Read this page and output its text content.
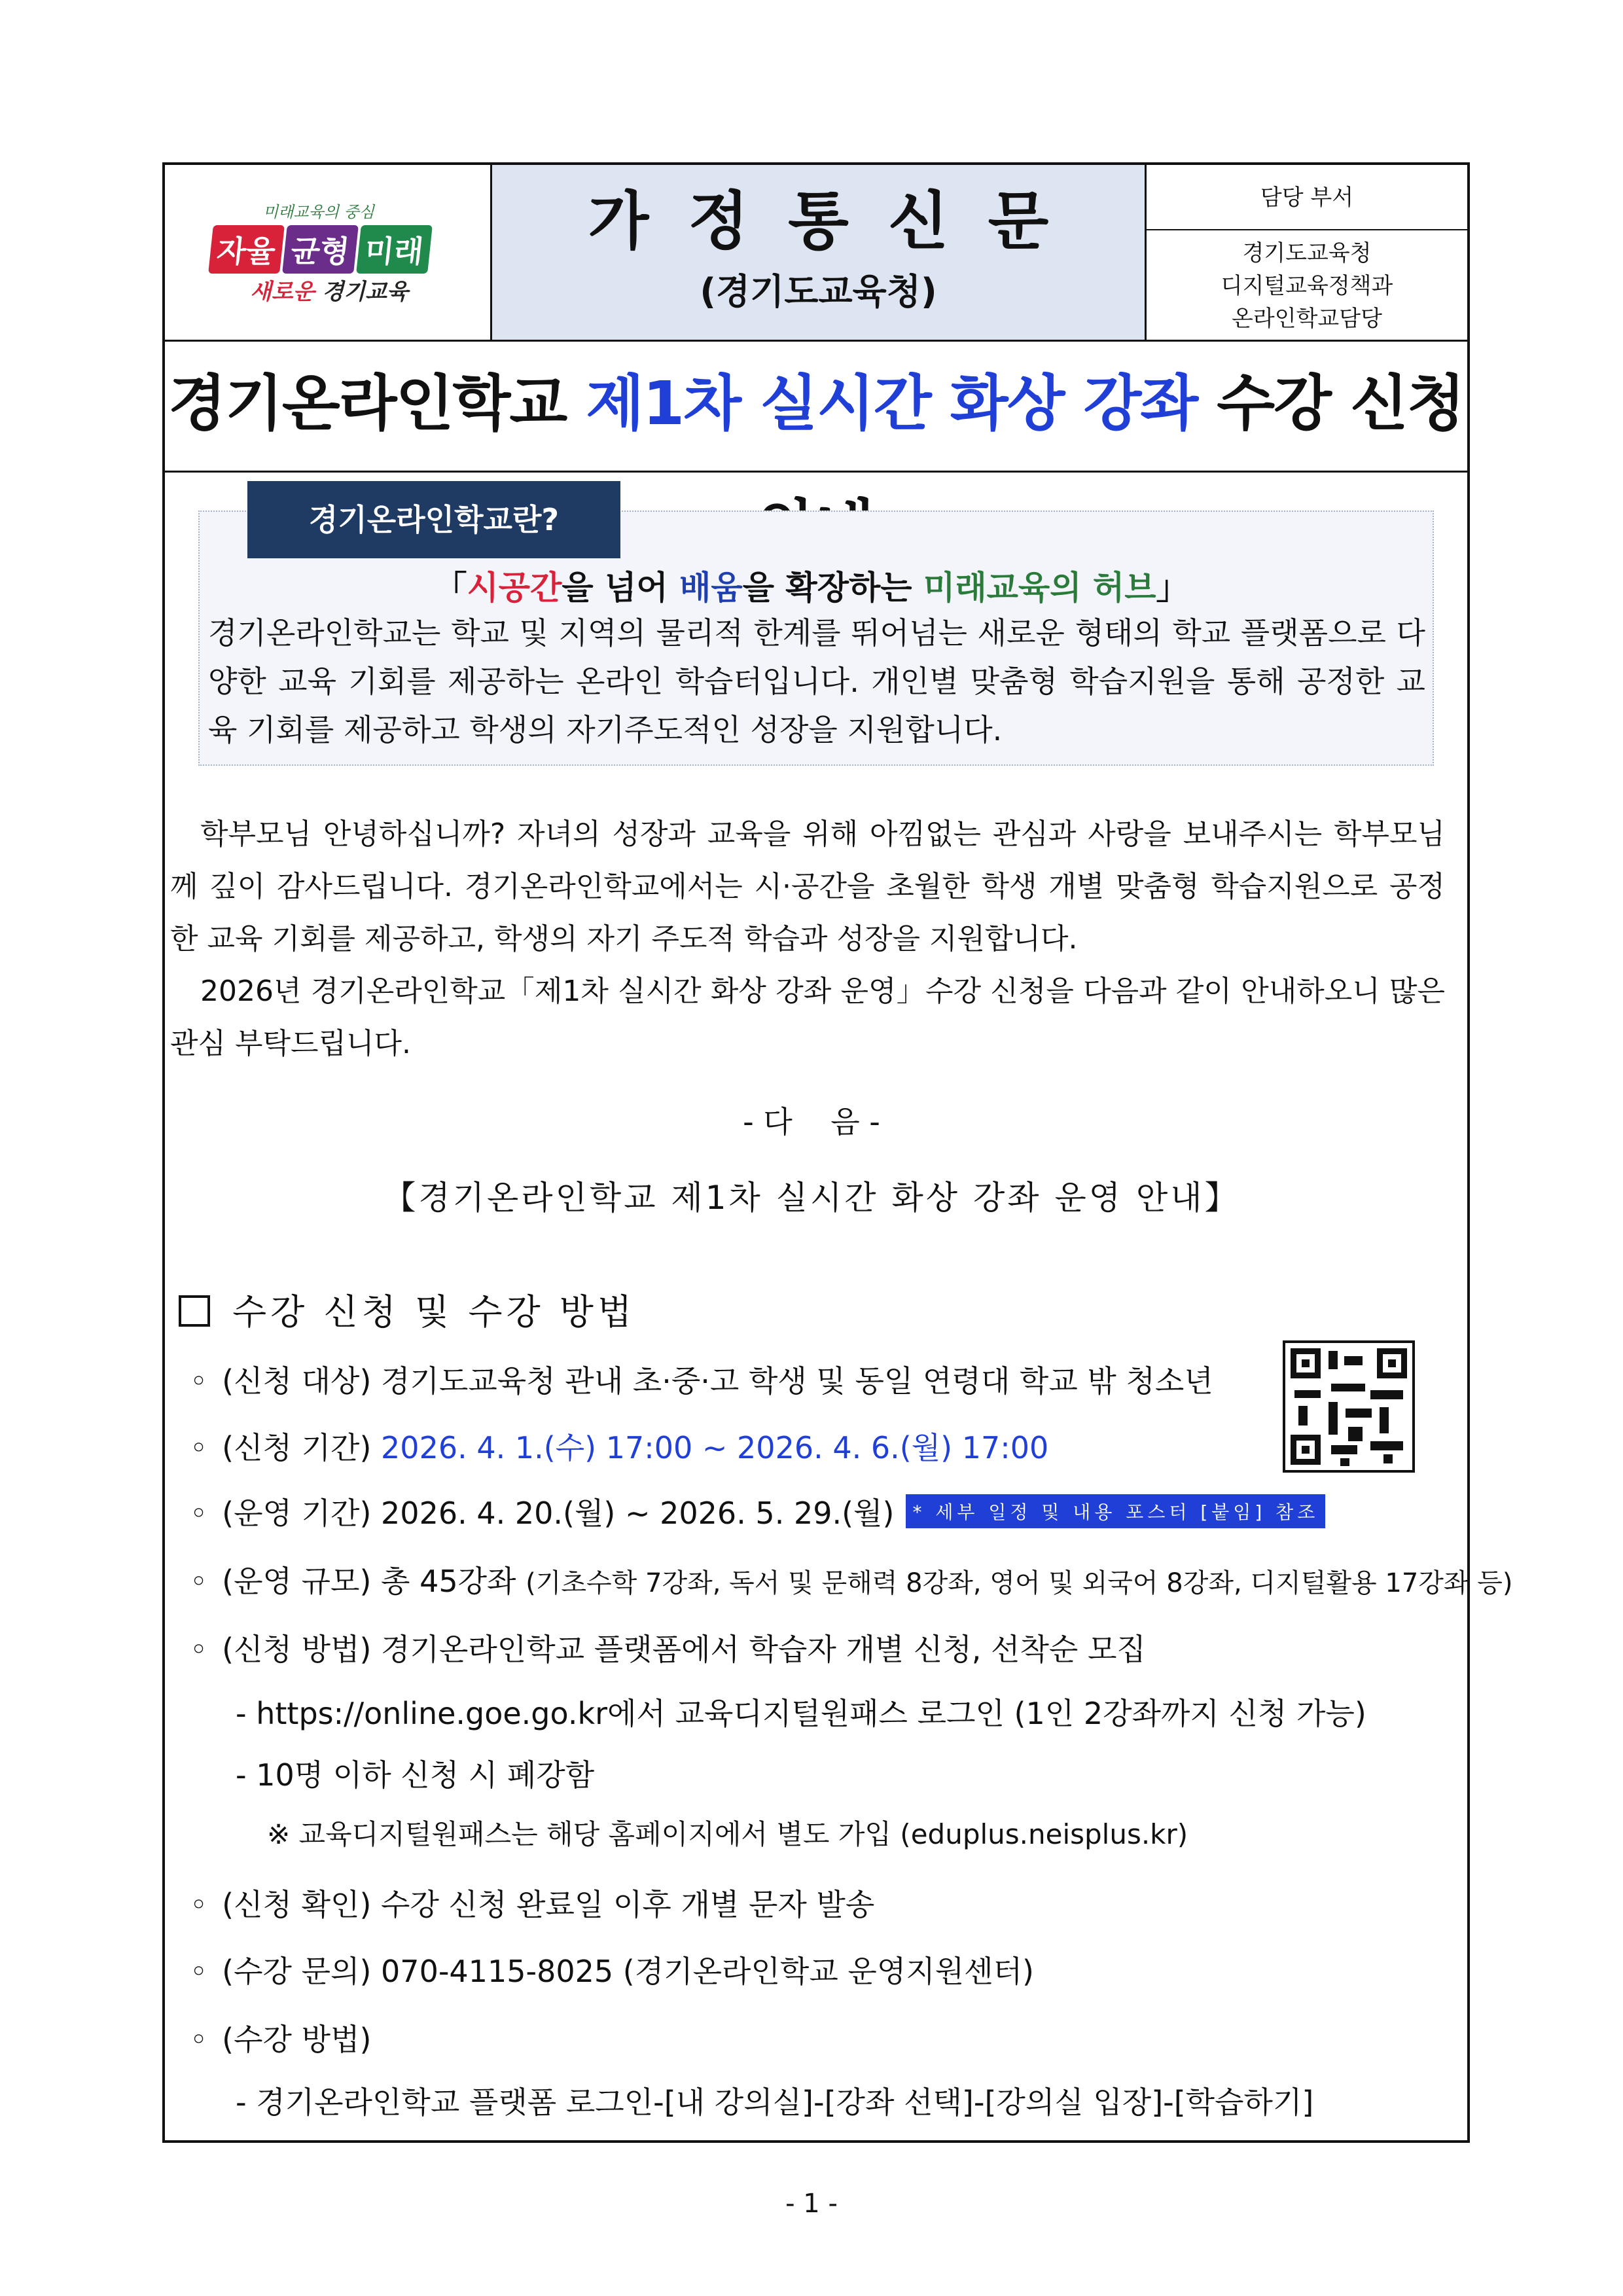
미래교육의 중심
자율 균형 미래
새로운 경기교육
가정통신문
(경기도교육청)
담당 부서
경기도교육청
디지털교육정책과
온라인학교담당
경기온라인학교 제1차 실시간 화상 강좌 수강 신청
경기온라인학교란?
「시공간을 넘어 배움을 확장하는 미래교육의 허브」
경기온라인학교는 학교 및 지역의 물리적 한계를 뛰어넘는 새로운 형태의 학교 플랫폼으로 다양한 교육 기회를 제공하는 온라인 학습터입니다. 개인별 맞춤형 학습지원을 통해 공정한 교육 기회를 제공하고 학생의 자기주도적인 성장을 지원합니다.
학부모님 안녕하십니까? 자녀의 성장과 교육을 위해 아낌없는 관심과 사랑을 보내주시는 학부모님께 깊이 감사드립니다. 경기온라인학교에서는 시·공간을 초월한 학생 개별 맞춤형 학습지원으로 공정한 교육 기회를 제공하고, 학생의 자기 주도적 학습과 성장을 지원합니다.
2026년 경기온라인학교「제1차 실시간 화상 강좌 운영」수강 신청을 다음과 같이 안내하오니 많은 관심 부탁드립니다.
- 다    음 -
【경기온라인학교 제1차 실시간 화상 강좌 운영 안내】
수강 신청 및 수강 방법
◦ (신청 대상) 경기도교육청 관내 초·중·고 학생 및 동일 연령대 학교 밖 청소년
◦ (신청 기간) 2026. 4. 1.(수) 17:00 ~ 2026. 4. 6.(월) 17:00
◦ (운영 기간) 2026. 4. 20.(월) ~ 2026. 5. 29.(월) * 세부 일정 및 내용 포스터 [붙임] 참조
◦ (운영 규모) 총 45강좌 (기초수학 7강좌, 독서 및 문해력 8강좌, 영어 및 외국어 8강좌, 디지털활용 17강좌 등)
◦ (신청 방법) 경기온라인학교 플랫폼에서 학습자 개별 신청, 선착순 모집
- https://online.goe.go.kr에서 교육디지털원패스 로그인 (1인 2강좌까지 신청 가능)
- 10명 이하 신청 시 폐강함
※ 교육디지털원패스는 해당 홈페이지에서 별도 가입 (eduplus.neisplus.kr)
◦ (신청 확인) 수강 신청 완료일 이후 개별 문자 발송
◦ (수강 문의) 070-4115-8025 (경기온라인학교 운영지원센터)
◦ (수강 방법)
- 경기온라인학교 플랫폼 로그인-[내 강의실]-[강좌 선택]-[강의실 입장]-[학습하기]
- 1 -
